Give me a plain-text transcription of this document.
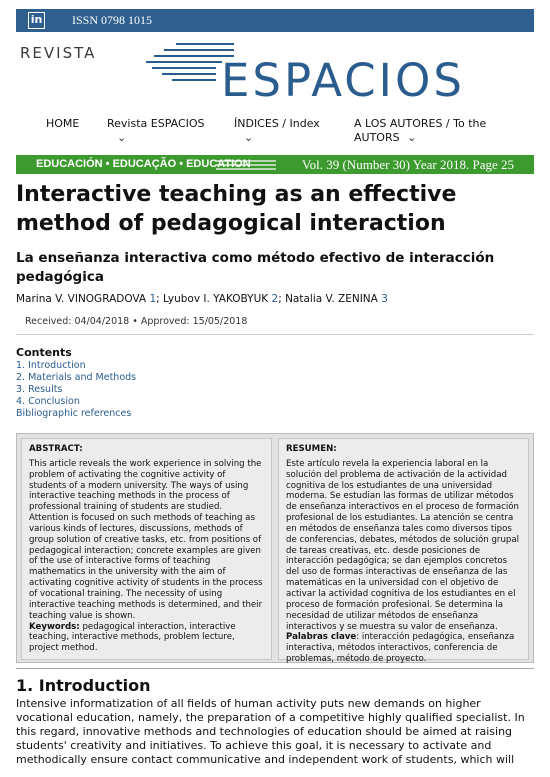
in ISSN 0798 1015
REVISTA
ESPACIOS
HOME	Revista ESPACIOS
⌄
ÍNDICES / Index
⌄
A LOS AUTORES / To the
AUTORS ⌄
EDUCACIÓN • EDUCAÇÃO • EDUCATION	Vol. 39 (Number 30) Year 2018. Page 25
Interactive teaching as an effective
method of pedagogical interaction
La enseñanza interactiva como método efectivo de interacción
pedagógica
Marina V. VINOGRADOVA 1; Lyubov I. YAKOBYUK 2; Natalia V. ZENINA 3
Received: 04/04/2018 • Approved: 15/05/2018
Contents
1. Introduction
2. Materials and Methods
3. Results
4. Conclusion
Bibliographic references
ABSTRACT:
This article reveals the work experience in solving the problem of activating the cognitive activity of students of a modern university. The ways of using interactive teaching methods in the process of professional training of students are studied. Attention is focused on such methods of teaching as various kinds of lectures, discussions, methods of group solution of creative tasks, etc. from positions of pedagogical interaction; concrete examples are given of the use of interactive forms of teaching mathematics in the university with the aim of activating cognitive activity of students in the process of vocational training. The necessity of using interactive teaching methods is determined, and their teaching value is shown.
Keywords: pedagogical interaction, interactive teaching, interactive methods, problem lecture, project method.
RESUMEN:
Este artículo revela la experiencia laboral en la solución del problema de activación de la actividad cognitiva de los estudiantes de una universidad moderna. Se estudian las formas de utilizar métodos de enseñanza interactivos en el proceso de formación profesional de los estudiantes. La atención se centra en métodos de enseñanza tales como diversos tipos de conferencias, debates, métodos de solución grupal de tareas creativas, etc. desde posiciones de interacción pedagógica; se dan ejemplos concretos del uso de formas interactivas de enseñanza de las matemáticas en la universidad con el objetivo de activar la actividad cognitiva de los estudiantes en el proceso de formación profesional. Se determina la necesidad de utilizar métodos de enseñanza interactivos y se muestra su valor de enseñanza.
Palabras clave: interacción pedagógica, enseñanza interactiva, métodos interactivos, conferencia de problemas, método de proyecto.
1. Introduction
Intensive informatization of all fields of human activity puts new demands on higher vocational education, namely, the preparation of a competitive highly qualified specialist. In this regard, innovative methods and technologies of education should be aimed at raising students' creativity and initiatives. To achieve this goal, it is necessary to activate and methodically ensure contact communicative and independent work of students, which will
